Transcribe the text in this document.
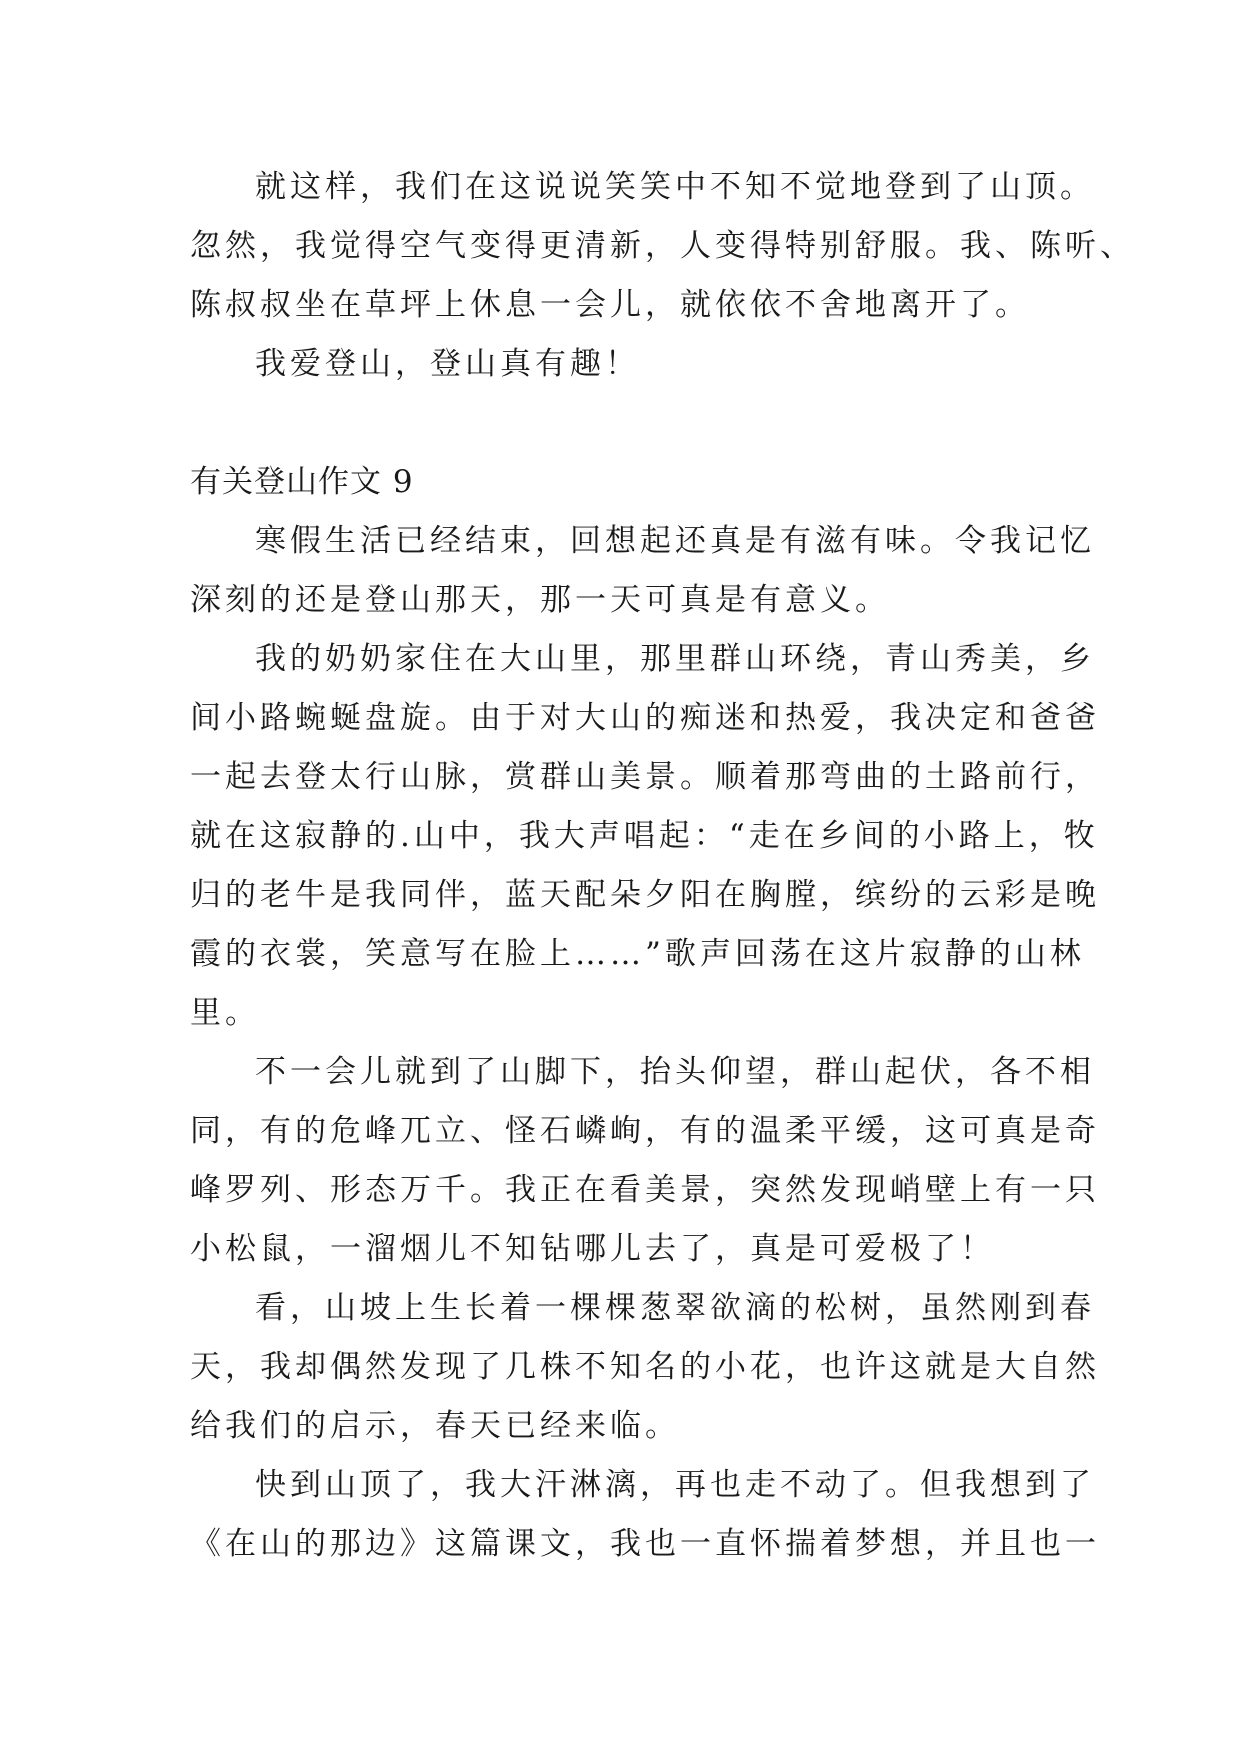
就这样，我们在这说说笑笑中不知不觉地登到了山顶。
忽然，我觉得空气变得更清新，人变得特别舒服。我、陈听、
陈叔叔坐在草坪上休息一会儿，就依依不舍地离开了。
我爱登山，登山真有趣！
有关登山作文 9
寒假生活已经结束，回想起还真是有滋有味。令我记忆
深刻的还是登山那天，那一天可真是有意义。
我的奶奶家住在大山里，那里群山环绕，青山秀美，乡
间小路蜿蜒盘旋。由于对大山的痴迷和热爱，我决定和爸爸
一起去登太行山脉，赏群山美景。顺着那弯曲的土路前行，
就在这寂静的.山中，我大声唱起：“走在乡间的小路上，牧
归的老牛是我同伴，蓝天配朵夕阳在胸膛，缤纷的云彩是晚
霞的衣裳，笑意写在脸上……”歌声回荡在这片寂静的山林
里。
不一会儿就到了山脚下，抬头仰望，群山起伏，各不相
同，有的危峰兀立、怪石嶙峋，有的温柔平缓，这可真是奇
峰罗列、形态万千。我正在看美景，突然发现峭壁上有一只
小松鼠，一溜烟儿不知钻哪儿去了，真是可爱极了！
看，山坡上生长着一棵棵葱翠欲滴的松树，虽然刚到春
天，我却偶然发现了几株不知名的小花，也许这就是大自然
给我们的启示，春天已经来临。
快到山顶了，我大汗淋漓，再也走不动了。但我想到了
《在山的那边》这篇课文，我也一直怀揣着梦想，并且也一
